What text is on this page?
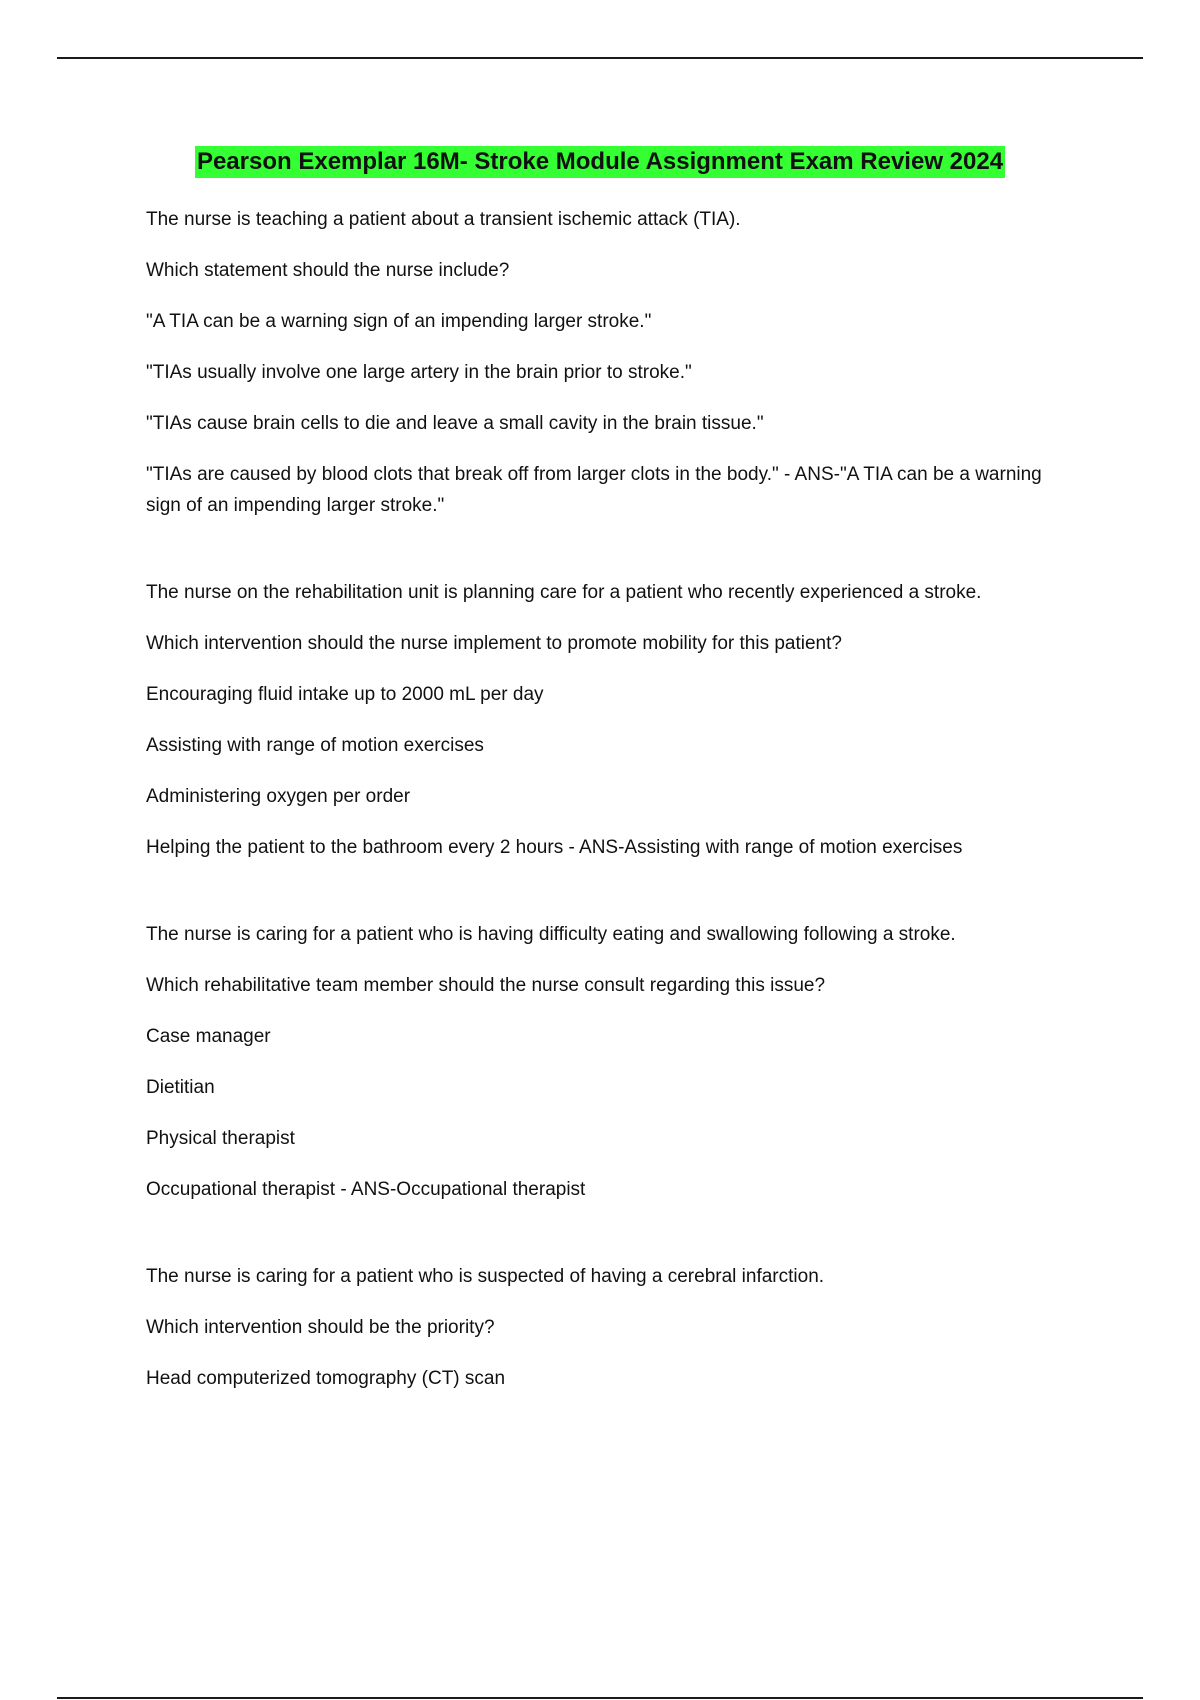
Pearson Exemplar 16M- Stroke Module Assignment Exam Review 2024

The nurse is teaching a patient about a transient ischemic attack (TIA).

Which statement should the nurse include?

"A TIA can be a warning sign of an impending larger stroke."

"TIAs usually involve one large artery in the brain prior to stroke."

"TIAs cause brain cells to die and leave a small cavity in the brain tissue."

"TIAs are caused by blood clots that break off from larger clots in the body." - ANS-"A TIA can be a warning sign of an impending larger stroke."

The nurse on the rehabilitation unit is planning care for a patient who recently experienced a stroke.

Which intervention should the nurse implement to promote mobility for this patient?

Encouraging fluid intake up to 2000 mL per day

Assisting with range of motion exercises

Administering oxygen per order

Helping the patient to the bathroom every 2 hours - ANS-Assisting with range of motion exercises

The nurse is caring for a patient who is having difficulty eating and swallowing following a stroke.

Which rehabilitative team member should the nurse consult regarding this issue?

Case manager

Dietitian

Physical therapist

Occupational therapist - ANS-Occupational therapist

The nurse is caring for a patient who is suspected of having a cerebral infarction.

Which intervention should be the priority?

Head computerized tomography (CT) scan
